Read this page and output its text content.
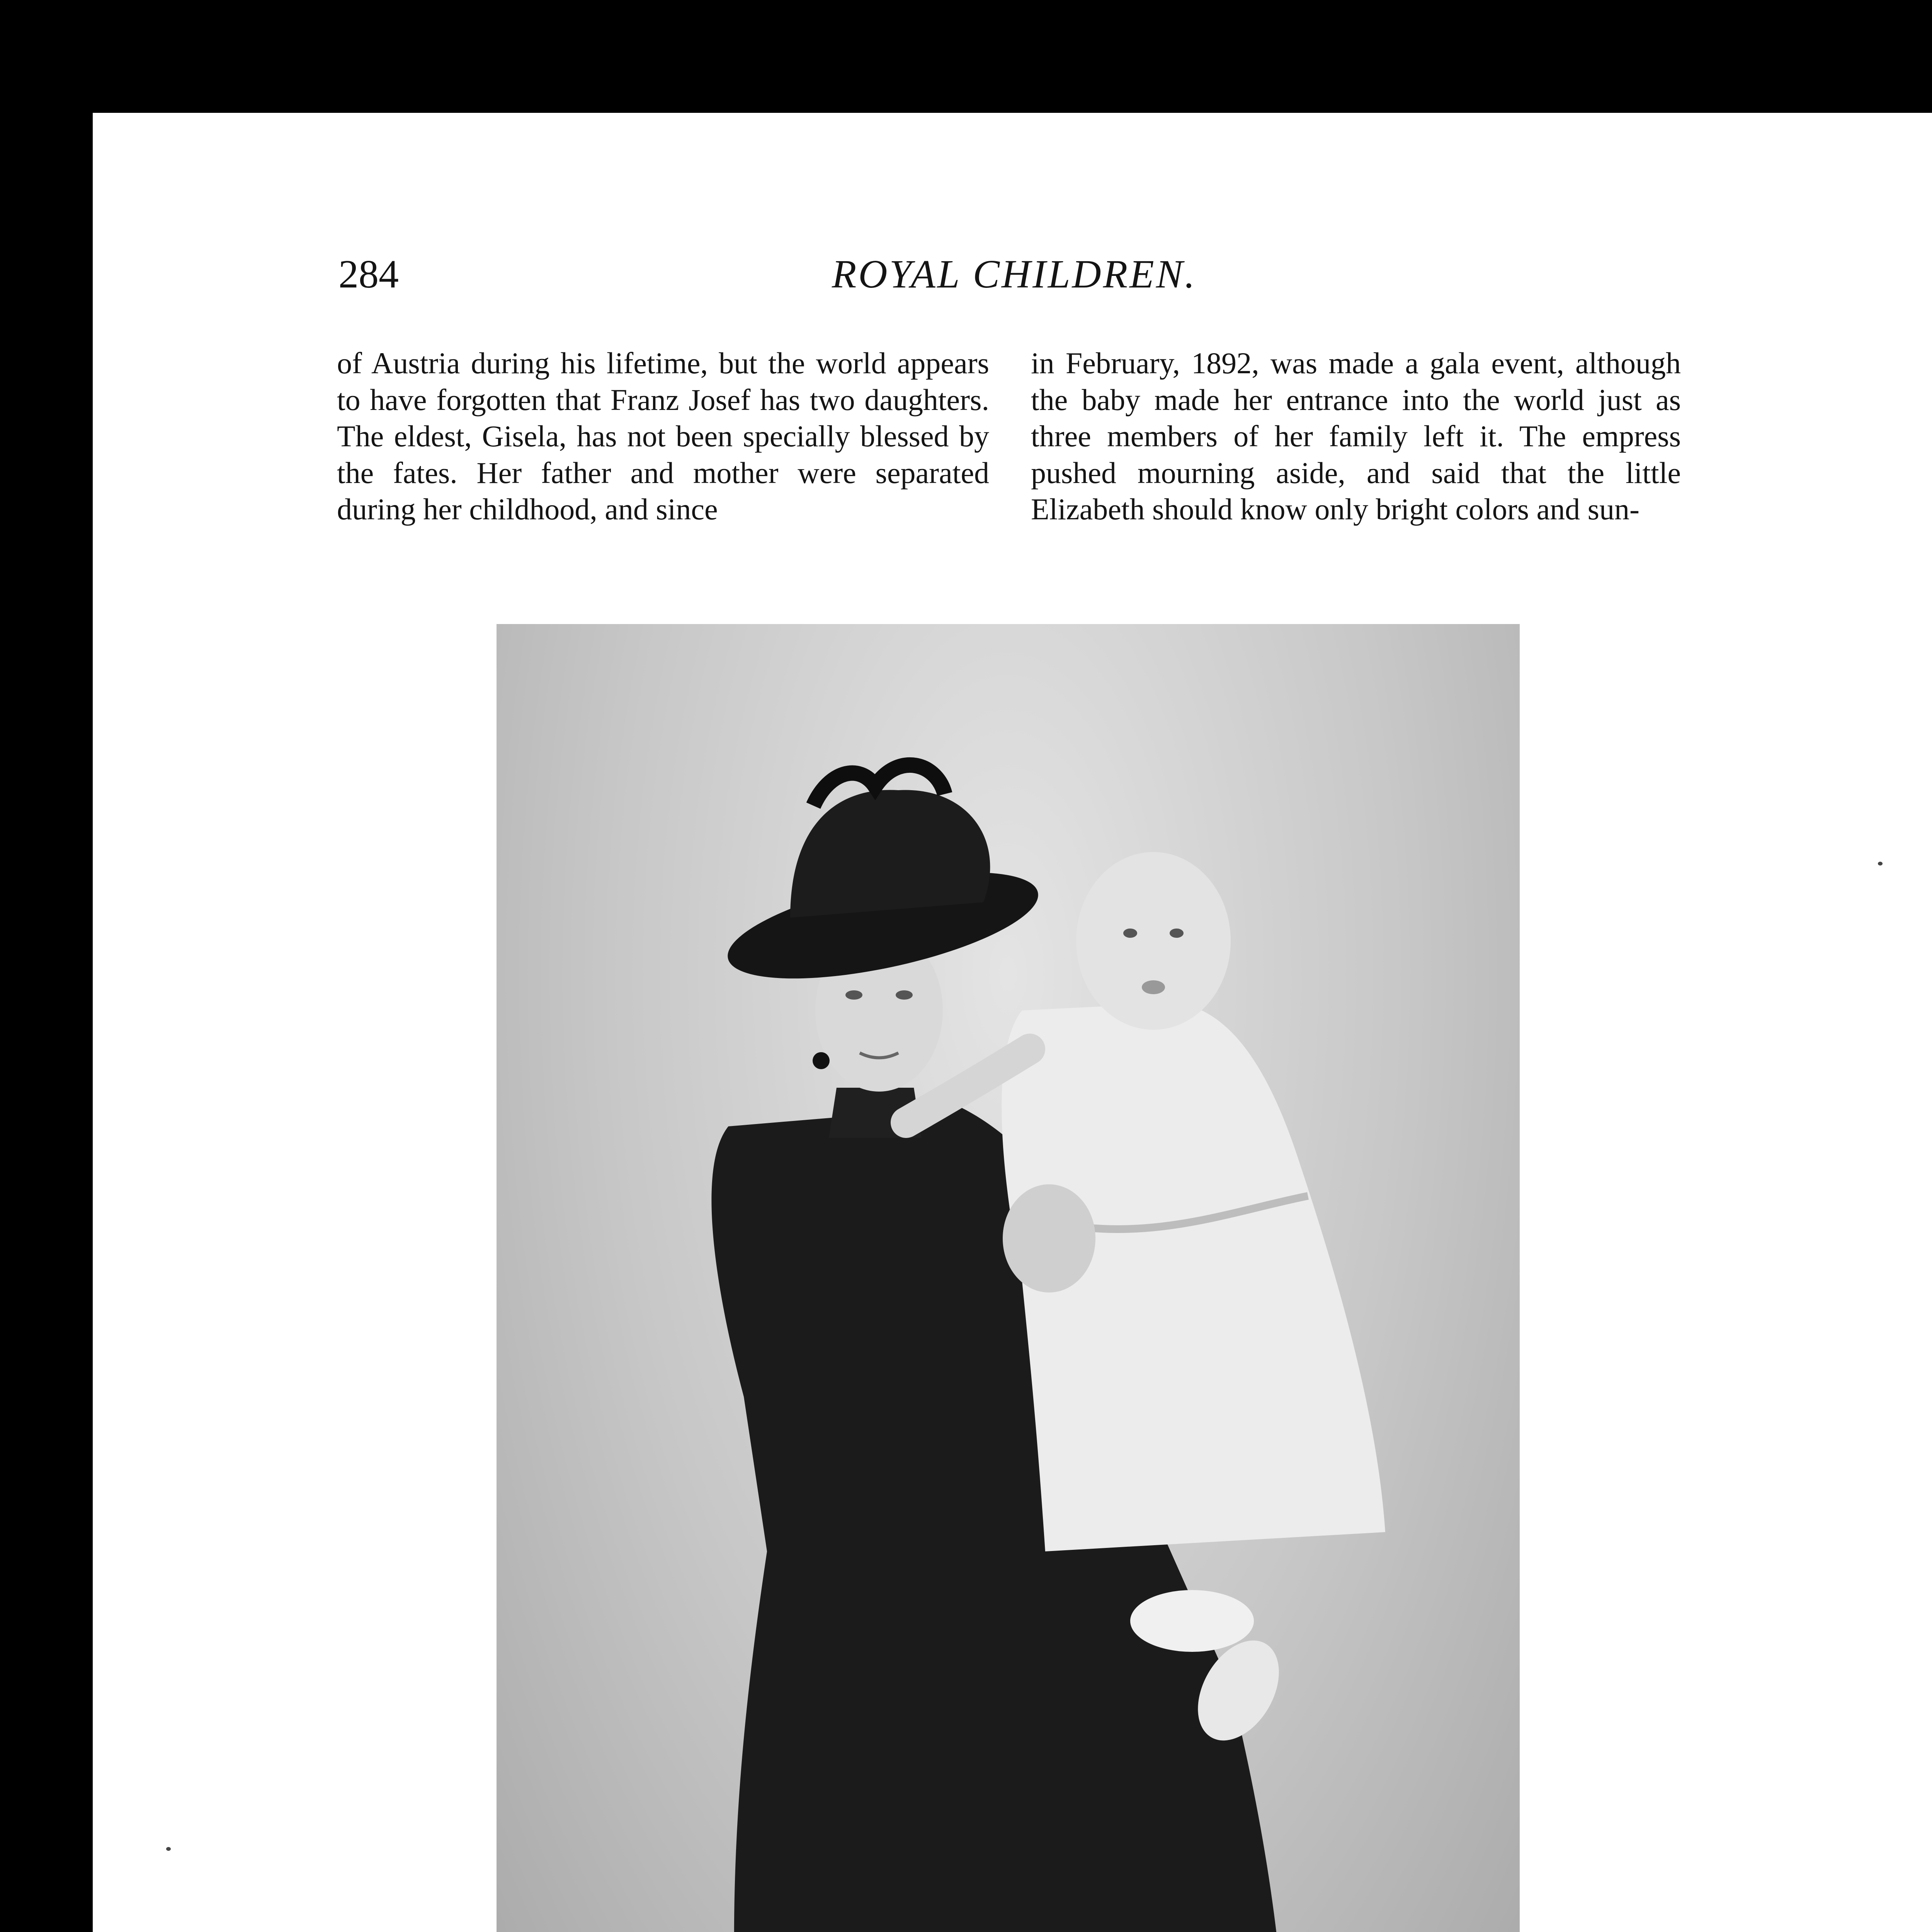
284	ROYAL CHILDREN.

of Austria during his lifetime, but the world appears to have forgotten that Franz Josef has two daughters. The eldest, Gisela, has not been specially blessed by the fates. Her father and mother were separated during her childhood, and since

in February, 1892, was made a gala event, although the baby made her entrance into the world just as three members of her family left it. The empress pushed mourning aside, and said that the little Elizabeth should know only bright colors and sun-
